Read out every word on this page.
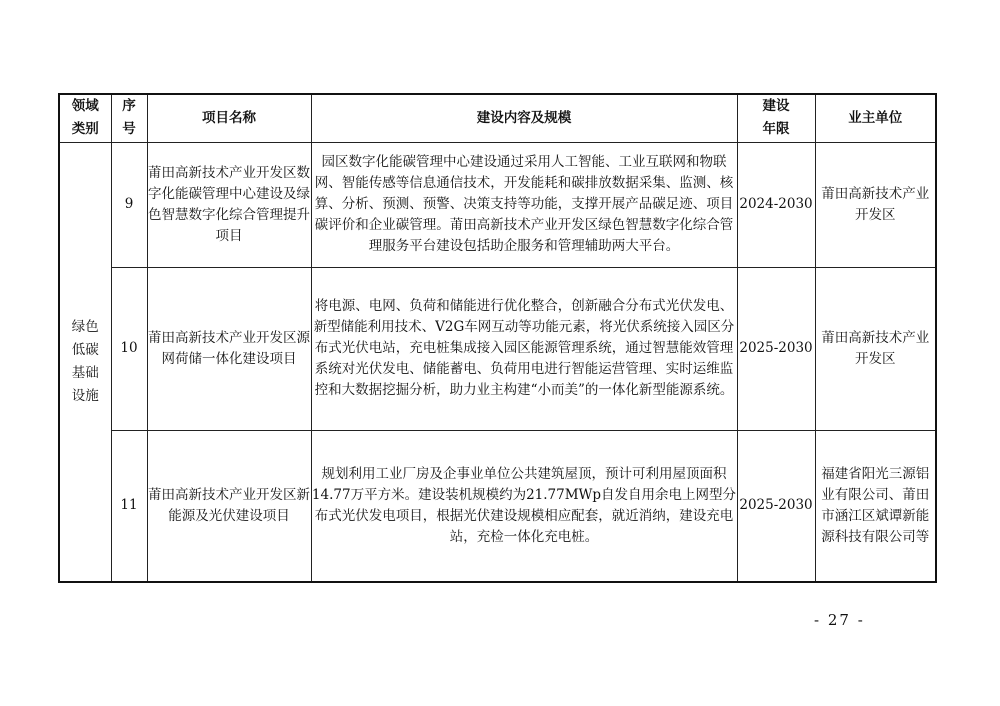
领域类别	序号	项目名称	建设内容及规模	建设年限	业主单位
绿色低碳基础设施	9	莆田高新技术产业开发区数字化能碳管理中心建设及绿色智慧数字化综合管理提升项目	园区数字化能碳管理中心建设通过采用人工智能、工业互联网和物联网、智能传感等信息通信技术，开发能耗和碳排放数据采集、监测、核算、分析、预测、预警、决策支持等功能，支撑开展产品碳足迹、项目碳评价和企业碳管理。莆田高新技术产业开发区绿色智慧数字化综合管理服务平台建设包括助企服务和管理辅助两大平台。	2024-2030	莆田高新技术产业开发区
	10	莆田高新技术产业开发区源网荷储一体化建设项目	将电源、电网、负荷和储能进行优化整合，创新融合分布式光伏发电、新型储能利用技术、V2G车网互动等功能元素，将光伏系统接入园区分布式光伏电站，充电桩集成接入园区能源管理系统，通过智慧能效管理系统对光伏发电、储能蓄电、负荷用电进行智能运营管理、实时运维监控和大数据挖掘分析，助力业主构建“小而美”的一体化新型能源系统。	2025-2030	莆田高新技术产业开发区
	11	莆田高新技术产业开发区新能源及光伏建设项目	规划利用工业厂房及企事业单位公共建筑屋顶，预计可利用屋顶面积14.77万平方米。建设装机规模约为21.77MWp自发自用余电上网型分布式光伏发电项目，根据光伏建设规模相应配套，就近消纳，建设充电站，充检一体化充电桩。	2025-2030	福建省阳光三源铝业有限公司、莆田市涵江区斌谭新能源科技有限公司等
- 27 -
